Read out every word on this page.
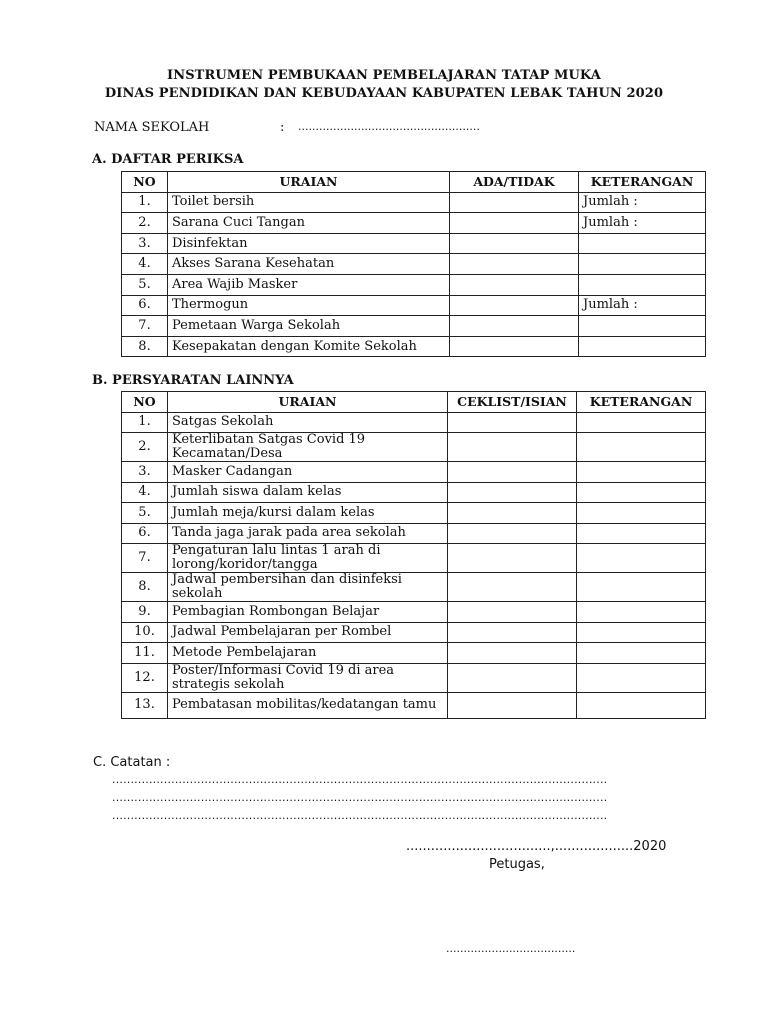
INSTRUMEN PEMBUKAAN PEMBELAJARAN TATAP MUKA
DINAS PENDIDIKAN DAN KEBUDAYAAN KABUPATEN LEBAK TAHUN 2020
NAMA SEKOLAH	: ....................................................
A. DAFTAR PERIKSA
NO	URAIAN	ADA/TIDAK	KETERANGAN
1.	Toilet bersih		Jumlah :
2.	Sarana Cuci Tangan		Jumlah :
3.	Disinfektan		
4.	Akses Sarana Kesehatan		
5.	Area Wajib Masker		
6.	Thermogun		Jumlah :
7.	Pemetaan Warga Sekolah		
8.	Kesepakatan dengan Komite Sekolah		
B. PERSYARATAN LAINNYA
NO	URAIAN	CEKLIST/ISIAN	KETERANGAN
1.	Satgas Sekolah		
2.	Keterlibatan Satgas Covid 19 Kecamatan/Desa		
3.	Masker Cadangan		
4.	Jumlah siswa dalam kelas		
5.	Jumlah meja/kursi dalam kelas		
6.	Tanda jaga jarak pada area sekolah		
7.	Pengaturan lalu lintas 1 arah di lorong/koridor/tangga		
8.	Jadwal pembersihan dan disinfeksi sekolah		
9.	Pembagian Rombongan Belajar		
10.	Jadwal Pembelajaran per Rombel		
11.	Metode Pembelajaran		
12.	Poster/Informasi Covid 19 di area strategis sekolah		
13.	Pembatasan mobilitas/kedatangan tamu		
C. Catatan :
......................................................................................................................................
......................................................................................................................................
......................................................................................................................................
...................................,...................2020
Petugas,
.....................................
